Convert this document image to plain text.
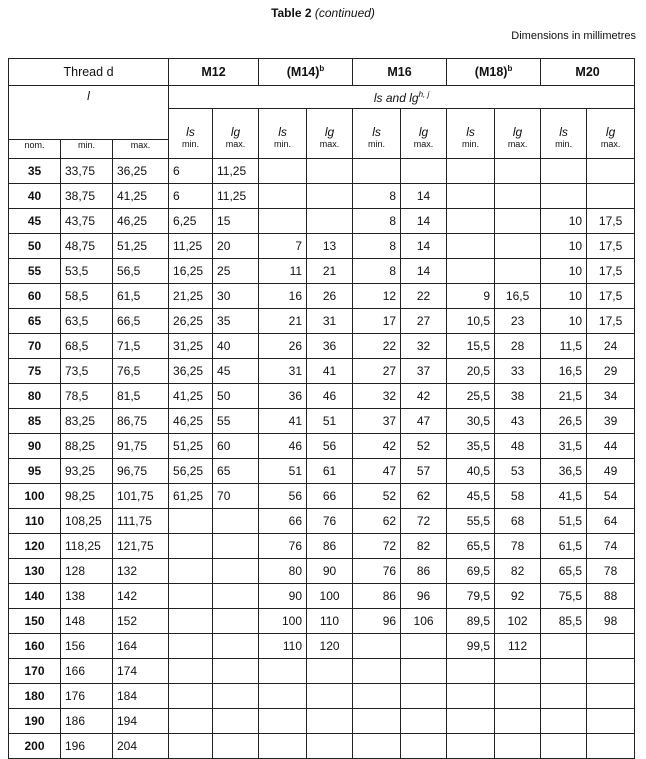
Table 2 (continued)
Dimensions in millimetres
Thread d			M12		$(M14)^b$		M16		$(M18)^b$		M20	
l			ls and $\lg^{h, j}$
			ls	lg	ls	lg	ls	lg	ls	lg	ls	lg
nom.	min.	max.	min.	max.	min.	max.	min.	max.	min.	max.	min.	max.
35	33,75	36,25	6	11,25								
40	38,75	41,25	6	11,25			8	14				
45	43,75	46,25	6,25	15			8	14			10	17,5
50	48,75	51,25	11,25	20	7	13	8	14			10	17,5
55	53,5	56,5	16,25	25	11	21	8	14			10	17,5
60	58,5	61,5	21,25	30	16	26	12	22	9	16,5	10	17,5
65	63,5	66,5	26,25	35	21	31	17	27	10,5	23	10	17,5
70	68,5	71,5	31,25	40	26	36	22	32	15,5	28	11,5	24
75	73,5	76,5	36,25	45	31	41	27	37	20,5	33	16,5	29
80	78,5	81,5	41,25	50	36	46	32	42	25,5	38	21,5	34
85	83,25	86,75	46,25	55	41	51	37	47	30,5	43	26,5	39
90	88,25	91,75	51,25	60	46	56	42	52	35,5	48	31,5	44
95	93,25	96,75	56,25	65	51	61	47	57	40,5	53	36,5	49
100	98,25	101,75	61,25	70	56	66	52	62	45,5	58	41,5	54
110	108,25	111,75			66	76	62	72	55,5	68	51,5	64
120	118,25	121,75			76	86	72	82	65,5	78	61,5	74
130	128	132			80	90	76	86	69,5	82	65,5	78
140	138	142			90	100	86	96	79,5	92	75,5	88
150	148	152			100	110	96	106	89,5	102	85,5	98
160	156	164			110	120			99,5	112		
170	166	174										
180	176	184										
190	186	194										
200	196	204										
